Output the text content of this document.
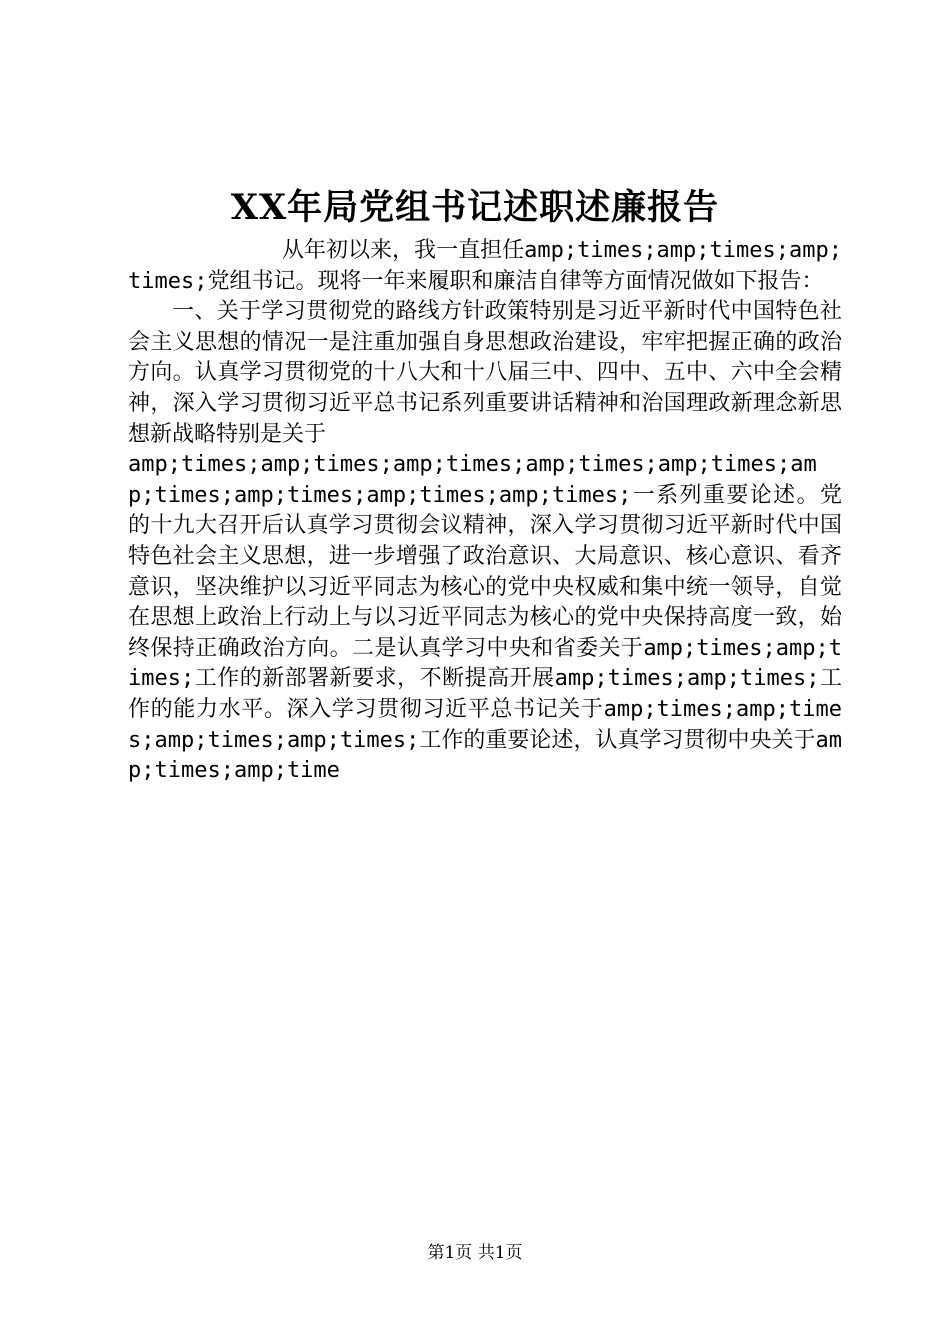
XX年局党组书记述职述廉报告

从年初以来，我一直担任amp;times;amp;times;amp;times;党组书记。现将一年来履职和廉洁自律等方面情况做如下报告：

一、关于学习贯彻党的路线方针政策特别是习近平新时代中国特色社会主义思想的情况一是注重加强自身思想政治建设，牢牢把握正确的政治方向。认真学习贯彻党的十八大和十八届三中、四中、五中、六中全会精神，深入学习贯彻习近平总书记系列重要讲话精神和治国理政新理念新思想新战略特别是关于

amp;times;amp;times;amp;times;amp;times;amp;times;amp;times;amp;times;amp;times;amp;times;一系列重要论述。党的十九大召开后认真学习贯彻会议精神，深入学习贯彻习近平新时代中国特色社会主义思想，进一步增强了政治意识、大局意识、核心意识、看齐意识，坚决维护以习近平同志为核心的党中央权威和集中统一领导，自觉在思想上政治上行动上与以习近平同志为核心的党中央保持高度一致，始终保持正确政治方向。二是认真学习中央和省委关于amp;times;amp;times;工作的新部署新要求，不断提高开展amp;times;amp;times;工作的能力水平。深入学习贯彻习近平总书记关于amp;times;amp;times;amp;times;amp;times;工作的重要论述，认真学习贯彻中央关于amp;times;amp;time

第1页 共1页
